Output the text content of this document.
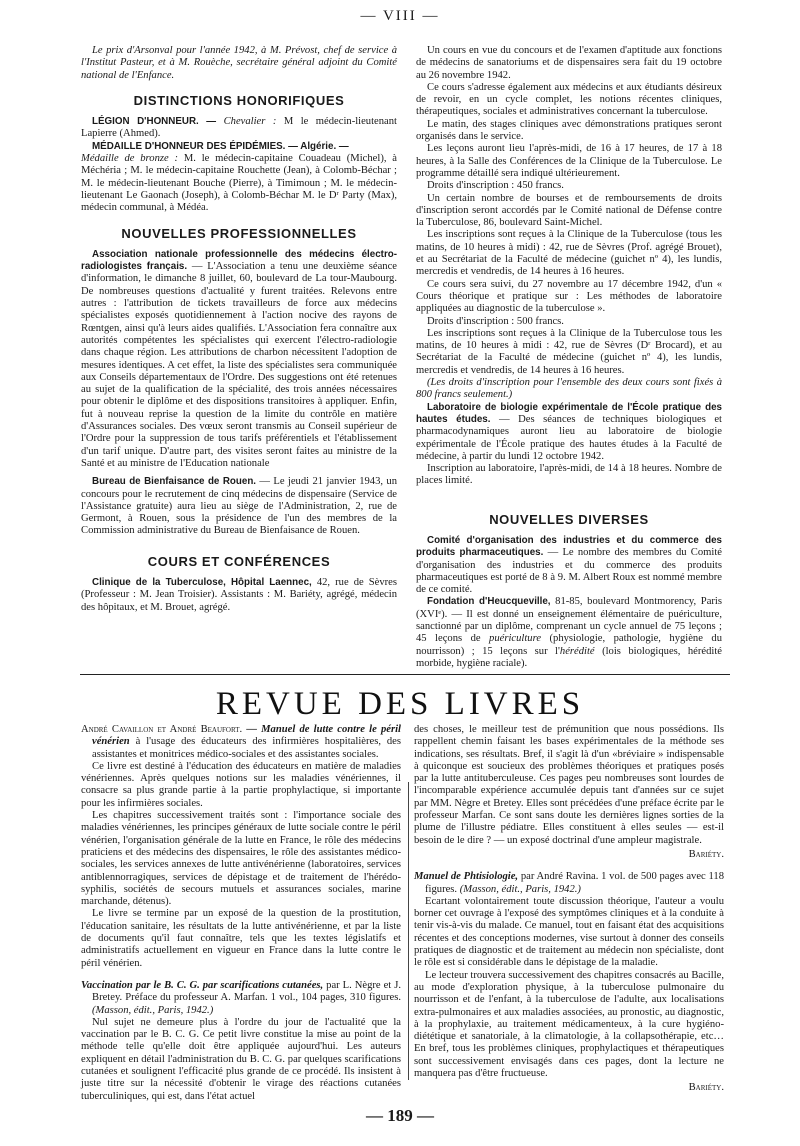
— VIII —

Le prix d'Arsonval pour l'année 1942, à M. Prévost, chef de service à l'Institut Pasteur, et à M. Rouèche, secrétaire général adjoint du Comité national de l'Enfance.

DISTINCTIONS HONORIFIQUES

LÉGION D'HONNEUR. — Chevalier : M le médecin-lieutenant Lapierre (Ahmed).

MÉDAILLE D'HONNEUR DES ÉPIDÉMIES. — Algérie. —
Médaille de bronze : M. le médecin-capitaine Couadeau (Michel), à Méchéria ; M. le médecin-capitaine Rouchette (Jean), à Colomb-Béchar ; M. le médecin-lieutenant Bouche (Pierre), à Timimoun ; M. le médecin-lieutenant Le Gaonach (Joseph), à Colomb-Béchar M. le Dʳ Party (Max), médecin communal, à Médéa.

NOUVELLES PROFESSIONNELLES

Association nationale professionnelle des médecins électro-radiologistes français. — L'Association a tenu une deuxième séance d'information, le dimanche 8 juillet, 60, boulevard de La tour-Maubourg. De nombreuses questions d'actualité y furent traitées. Relevons entre autres : l'attribution de tickets travailleurs de force aux médecins spécialistes exposés quotidiennement à l'action nocive des rayons de Rœntgen, ainsi qu'à leurs aides qualifiés. L'Association fera connaître aux autorités compétentes les spécialistes qui exercent l'électro-radiologie dans chaque région. Les attributions de charbon nécessitent l'adoption de mesures identiques. A cet effet, la liste des spécialistes sera communiquée aux Conseils départementaux de l'Ordre. Des suggestions ont été retenues au sujet de la qualification de la spécialité, des trois années nécessaires pour obtenir le diplôme et des dispositions transitoires à appliquer. Enfin, fut à nouveau reprise la question de la limite du contrôle en matière d'Assurances sociales. Des vœux seront transmis au Conseil supérieur de l'Ordre pour la suppression de tous tarifs préférentiels et l'établissement d'un tarif unique. D'autre part, des visites seront faites au ministre de la Santé et au ministre de l'Education nationale

Bureau de Bienfaisance de Rouen. — Le jeudi 21 janvier 1943, un concours pour le recrutement de cinq médecins de dispensaire (Service de l'Assistance gratuite) aura lieu au siège de l'Administration, 2, rue de Germont, à Rouen, sous la présidence de l'un des membres de la Commission administrative du Bureau de Bienfaisance de Rouen.

COURS ET CONFÉRENCES

Clinique de la Tuberculose, Hôpital Laennec, 42, rue de Sèvres (Professeur : M. Jean Troisier). Assistants : M. Bariéty, agrégé, médecin des hôpitaux, et M. Brouet, agrégé.

Un cours en vue du concours et de l'examen d'aptitude aux fonctions de médecins de sanatoriums et de dispensaires sera fait du 19 octobre au 26 novembre 1942.

Ce cours s'adresse également aux médecins et aux étudiants désireux de revoir, en un cycle complet, les notions récentes cliniques, thérapeutiques, sociales et administratives concernant la tuberculose.

Le matin, des stages cliniques avec démonstrations pratiques seront organisés dans le service.

Les leçons auront lieu l'après-midi, de 16 à 17 heures, de 17 à 18 heures, à la Salle des Conférences de la Clinique de la Tuberculose. Le programme détaillé sera indiqué ultérieurement.

Droits d'inscription : 450 francs.

Un certain nombre de bourses et de remboursements de droits d'inscription seront accordés par le Comité national de Défense contre la Tuberculose, 86, boulevard Saint-Michel.

Les inscriptions sont reçues à la Clinique de la Tuberculose (tous les matins, de 10 heures à midi) : 42, rue de Sèvres (Prof. agrégé Brouet), et au Secrétariat de la Faculté de médecine (guichet nº 4), les lundis, mercredis et vendredis, de 14 heures à 16 heures.

Ce cours sera suivi, du 27 novembre au 17 décembre 1942, d'un « Cours théorique et pratique sur : Les méthodes de laboratoire appliquées au diagnostic de la tuberculose ».

Droits d'inscription : 500 francs.

Les inscriptions sont reçues à la Clinique de la Tuberculose tous les matins, de 10 heures à midi : 42, rue de Sèvres (Dʳ Brocard), et au Secrétariat de la Faculté de médecine (guichet nº 4), les lundis, mercredis et vendredis, de 14 heures à 16 heures.

(Les droits d'inscription pour l'ensemble des deux cours sont fixés à 800 francs seulement.)

Laboratoire de biologie expérimentale de l'École pratique des hautes études. — Des séances de techniques biologiques et pharmacodynamiques auront lieu au laboratoire de biologie expérimentale de l'École pratique des hautes études à la Faculté de médecine, à partir du lundi 12 octobre 1942.

Inscription au laboratoire, l'après-midi, de 14 à 18 heures. Nombre de places limité.

NOUVELLES DIVERSES

Comité d'organisation des industries et du commerce des produits pharmaceutiques. — Le nombre des membres du Comité d'organisation des industries et du commerce des produits pharmaceutiques est porté de 8 à 9. M. Albert Roux est nommé membre de ce comité.

Fondation d'Heucqueville, 81-85, boulevard Montmorency, Paris (XVIᵉ). — Il est donné un enseignement élémentaire de puériculture, sanctionné par un diplôme, comprenant un cycle annuel de 75 leçons ; 45 leçons de puériculture (physiologie, pathologie, hygiène du nourrisson) ; 15 leçons sur l'hérédité (lois biologiques, hérédité morbide, hygiène raciale).

REVUE DES LIVRES

André Cavaillon et André Beaufort. — Manuel de lutte contre le péril vénérien à l'usage des éducateurs des infirmières hospitalières, des assistantes et monitrices médico-sociales et des assistantes sociales.

Ce livre est destiné à l'éducation des éducateurs en matière de maladies vénériennes. Après quelques notions sur les maladies vénériennes, il consacre sa plus grande partie à la partie prophylactique, si importante pour les infirmières sociales.

Les chapitres successivement traités sont : l'importance sociale des maladies vénériennes, les principes généraux de lutte sociale contre le péril vénérien, l'organisation générale de la lutte en France, le rôle des médecins praticiens et des médecins des dispensaires, le rôle des assistantes médico-sociales, les services annexes de lutte antivénérienne (laboratoires, services antiblennorragiques, services de dépistage et de traitement de l'hérédo-syphilis, sociétés de secours mutuels et assurances sociales, marine marchande, détenus).

Le livre se termine par un exposé de la question de la prostitution, l'éducation sanitaire, les résultats de la lutte antivénérienne, et par la liste de documents qu'il faut connaître, tels que les textes législatifs et administratifs actuellement en vigueur en France dans la lutte contre le péril vénérien.

Vaccination par le B. C. G. par scarifications cutanées, par L. Nègre et J. Bretey. Préface du professeur A. Marfan. 1 vol., 104 pages, 310 figures. (Masson, édit., Paris, 1942.)

Nul sujet ne demeure plus à l'ordre du jour de l'actualité que la vaccination par le B. C. G. Ce petit livre constitue la mise au point de la méthode telle qu'elle doit être appliquée aujourd'hui. Les auteurs expliquent en détail l'administration du B. C. G. par quelques scarifications cutanées et soulignent l'efficacité plus grande de ce procédé. Ils insistent à juste titre sur la nécessité d'obtenir le virage des réactions cutanées tuberculiniques, qui est, dans l'état actuel

des choses, le meilleur test de prémunition que nous possédions. Ils rappellent chemin faisant les bases expérimentales de la méthode ses indications, ses résultats. Bref, il s'agit là d'un «bréviaire » indispensable à quiconque est soucieux des problèmes théoriques et pratiques posés par la lutte antituberculeuse. Ces pages peu nombreuses sont lourdes de l'incomparable expérience accumulée depuis tant d'années sur ce sujet par MM. Nègre et Bretey. Elles sont précédées d'une préface écrite par le professeur Marfan. Ce sont sans doute les dernières lignes sorties de la plume de l'illustre pédiatre. Elles constituent à elles seules — est-il besoin de le dire ? — un exposé doctrinal d'une ampleur magistrale.

Bariéty.

Manuel de Phtisiologie, par André Ravina. 1 vol. de 500 pages avec 118 figures. (Masson, édit., Paris, 1942.)

Ecartant volontairement toute discussion théorique, l'auteur a voulu borner cet ouvrage à l'exposé des symptômes cliniques et à la conduite à tenir vis-à-vis du malade. Ce manuel, tout en faisant état des acquisitions récentes et des conceptions modernes, vise surtout à donner des conseils pratiques de diagnostic et de traitement au médecin non spécialiste, dont le rôle est si considérable dans le dépistage de la maladie.

Le lecteur trouvera successivement des chapitres consacrés au Bacille, au mode d'exploration physique, à la tuberculose pulmonaire du nourrisson et de l'enfant, à la tuberculose de l'adulte, aux localisations extra-pulmonaires et aux maladies associées, au pronostic, au diagnostic, à la prophylaxie, au traitement médicamenteux, à la cure hygiéno-diététique et sanatoriale, à la climatologie, à la collapsothérapie, etc… En bref, tous les problèmes cliniques, prophylactiques et thérapeutiques sont successivement envisagés dans ces pages, dont la lecture ne manquera pas d'être fructueuse.

Bariéty.

— 189 —
